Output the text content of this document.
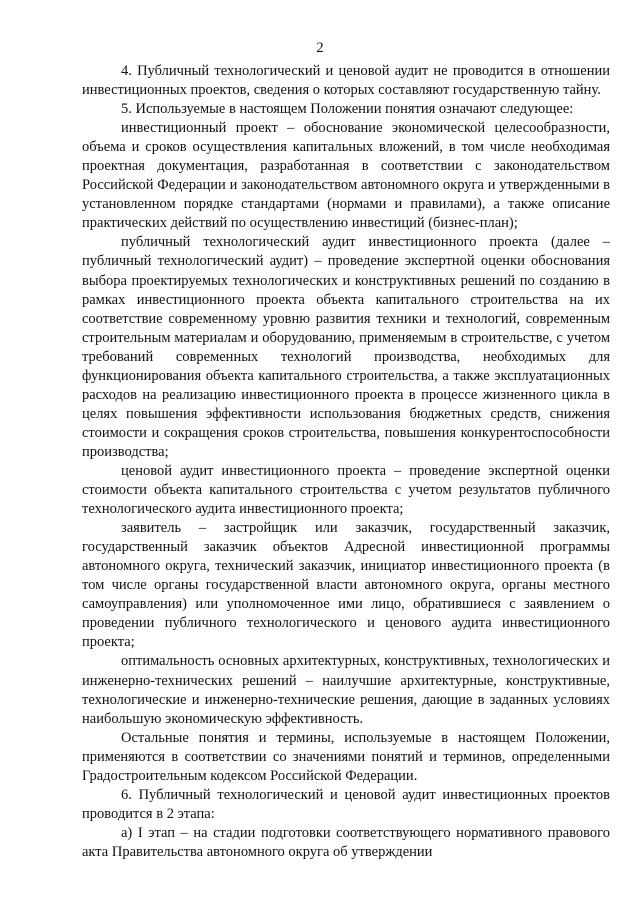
2

4. Публичный технологический и ценовой аудит не проводится в отношении инвестиционных проектов, сведения о которых составляют государственную тайну.

5. Используемые в настоящем Положении понятия означают следующее:

инвестиционный проект – обоснование экономической целесообразности, объема и сроков осуществления капитальных вложений, в том числе необходимая проектная документация, разработанная в соответствии с законодательством Российской Федерации и законодательством автономного округа и утвержденными в установленном порядке стандартами (нормами и правилами), а также описание практических действий по осуществлению инвестиций (бизнес-план);

публичный технологический аудит инвестиционного проекта (далее – публичный технологический аудит) – проведение экспертной оценки обоснования выбора проектируемых технологических и конструктивных решений по созданию в рамках инвестиционного проекта объекта капитального строительства на их соответствие современному уровню развития техники и технологий, современным строительным материалам и оборудованию, применяемым в строительстве, с учетом требований современных технологий производства, необходимых для функционирования объекта капитального строительства, а также эксплуатационных расходов на реализацию инвестиционного проекта в процессе жизненного цикла в целях повышения эффективности использования бюджетных средств, снижения стоимости и сокращения сроков строительства, повышения конкурентоспособности производства;

ценовой аудит инвестиционного проекта – проведение экспертной оценки стоимости объекта капитального строительства с учетом результатов публичного технологического аудита инвестиционного проекта;

заявитель – застройщик или заказчик, государственный заказчик, государственный заказчик объектов Адресной инвестиционной программы автономного округа, технический заказчик, инициатор инвестиционного проекта (в том числе органы государственной власти автономного округа, органы местного самоуправления) или уполномоченное ими лицо, обратившиеся с заявлением о проведении публичного технологического и ценового аудита инвестиционного проекта;

оптимальность основных архитектурных, конструктивных, технологических и инженерно-технических решений – наилучшие архитектурные, конструктивные, технологические и инженерно-технические решения, дающие в заданных условиях наибольшую экономическую эффективность.

Остальные понятия и термины, используемые в настоящем Положении, применяются в соответствии со значениями понятий и терминов, определенными Градостроительным кодексом Российской Федерации.

6. Публичный технологический и ценовой аудит инвестиционных проектов проводится в 2 этапа:

а) I этап – на стадии подготовки соответствующего нормативного правового акта Правительства автономного округа об утверждении
